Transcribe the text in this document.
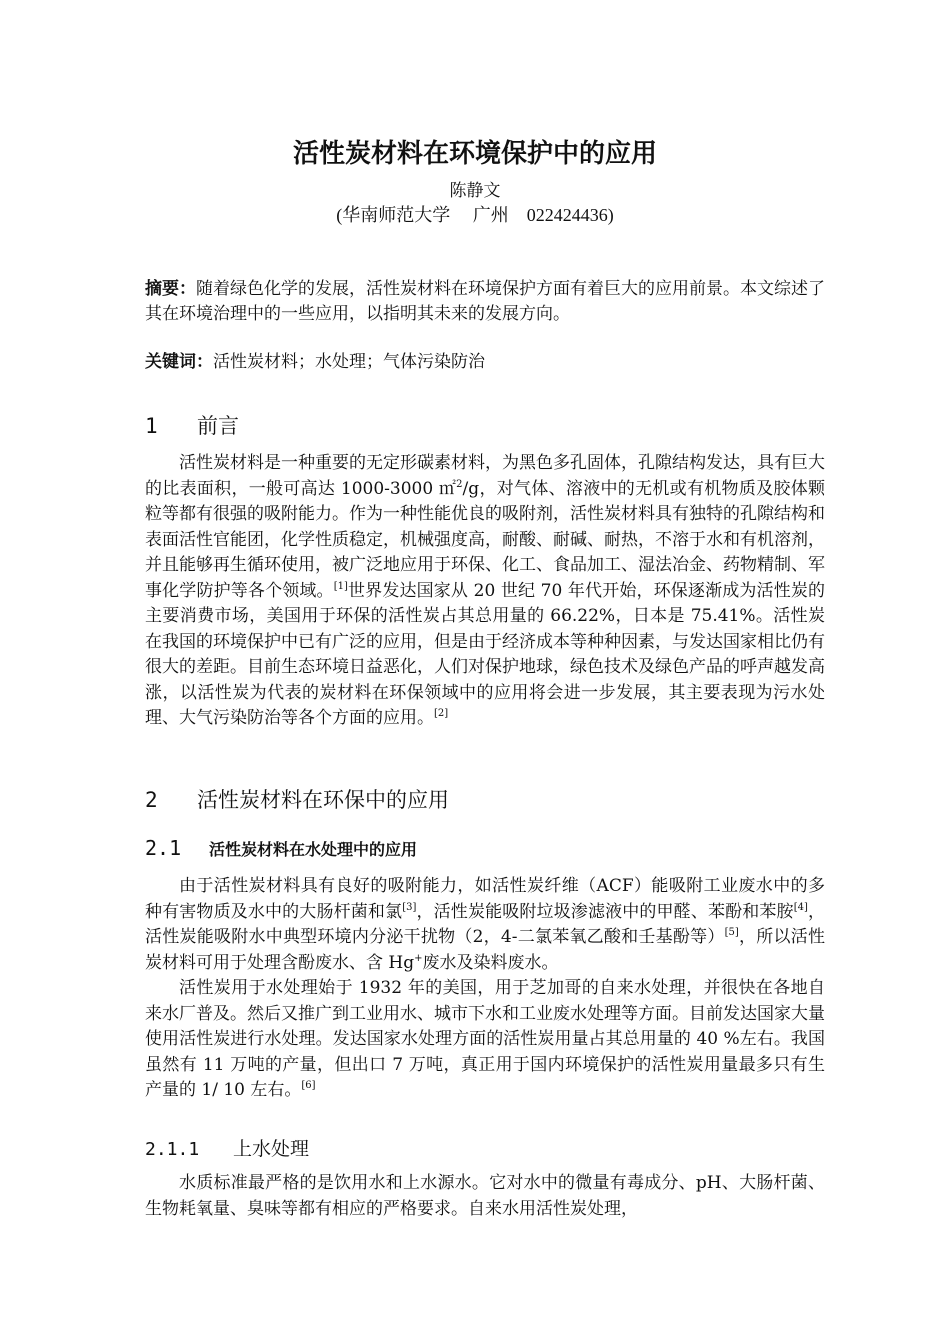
活性炭材料在环境保护中的应用
陈静文
(华南师范大学     广州    022424436)
摘要：随着绿色化学的发展，活性炭材料在环境保护方面有着巨大的应用前景。本文综述了其在环境治理中的一些应用，以指明其未来的发展方向。
关键词：活性炭材料；水处理；气体污染防治
1 前言

活性炭材料是一种重要的无定形碳素材料，为黑色多孔固体，孔隙结构发达，具有巨大的比表面积，一般可高达 1000-3000 ㎡$^2$/g，对气体、溶液中的无机或有机物质及胶体颗粒等都有很强的吸附能力。作为一种性能优良的吸附剂，活性炭材料具有独特的孔隙结构和表面活性官能团，化学性质稳定，机械强度高，耐酸、耐碱、耐热，不溶于水和有机溶剂，并且能够再生循环使用，被广泛地应用于环保、化工、食品加工、湿法冶金、药物精制、军事化学防护等各个领域。[1]世界发达国家从 20 世纪 70 年代开始，环保逐渐成为活性炭的主要消费市场，美国用于环保的活性炭占其总用量的 66.22%，日本是 75.41%。活性炭在我国的环境保护中已有广泛的应用，但是由于经济成本等种种因素，与发达国家相比仍有很大的差距。目前生态环境日益恶化，人们对保护地球，绿色技术及绿色产品的呼声越发高涨，以活性炭为代表的炭材料在环保领域中的应用将会进一步发展，其主要表现为污水处理、大气污染防治等各个方面的应用。[2]

2 活性炭材料在环保中的应用
2.1 活性炭材料在水处理中的应用

由于活性炭材料具有良好的吸附能力，如活性炭纤维（ACF）能吸附工业废水中的多种有害物质及水中的大肠杆菌和氯[3]，活性炭能吸附垃圾渗滤液中的甲醛、苯酚和苯胺[4]，活性炭能吸附水中典型环境内分泌干扰物（2，4-二氯苯氧乙酸和壬基酚等）[5]，所以活性炭材料可用于处理含酚废水、含 Hg+废水及染料废水。

活性炭用于水处理始于 1932 年的美国，用于芝加哥的自来水处理，并很快在各地自来水厂普及。然后又推广到工业用水、城市下水和工业废水处理等方面。目前发达国家大量使用活性炭进行水处理。发达国家水处理方面的活性炭用量占其总用量的 40 %左右。我国虽然有 11 万吨的产量，但出口 7 万吨，真正用于国内环境保护的活性炭用量最多只有生产量的 1/ 10 左右。[6]

2.1.1 上水处理

水质标准最严格的是饮用水和上水源水。它对水中的微量有毒成分、pH、大肠杆菌、生物耗氧量、臭味等都有相应的严格要求。自来水用活性炭处理，
